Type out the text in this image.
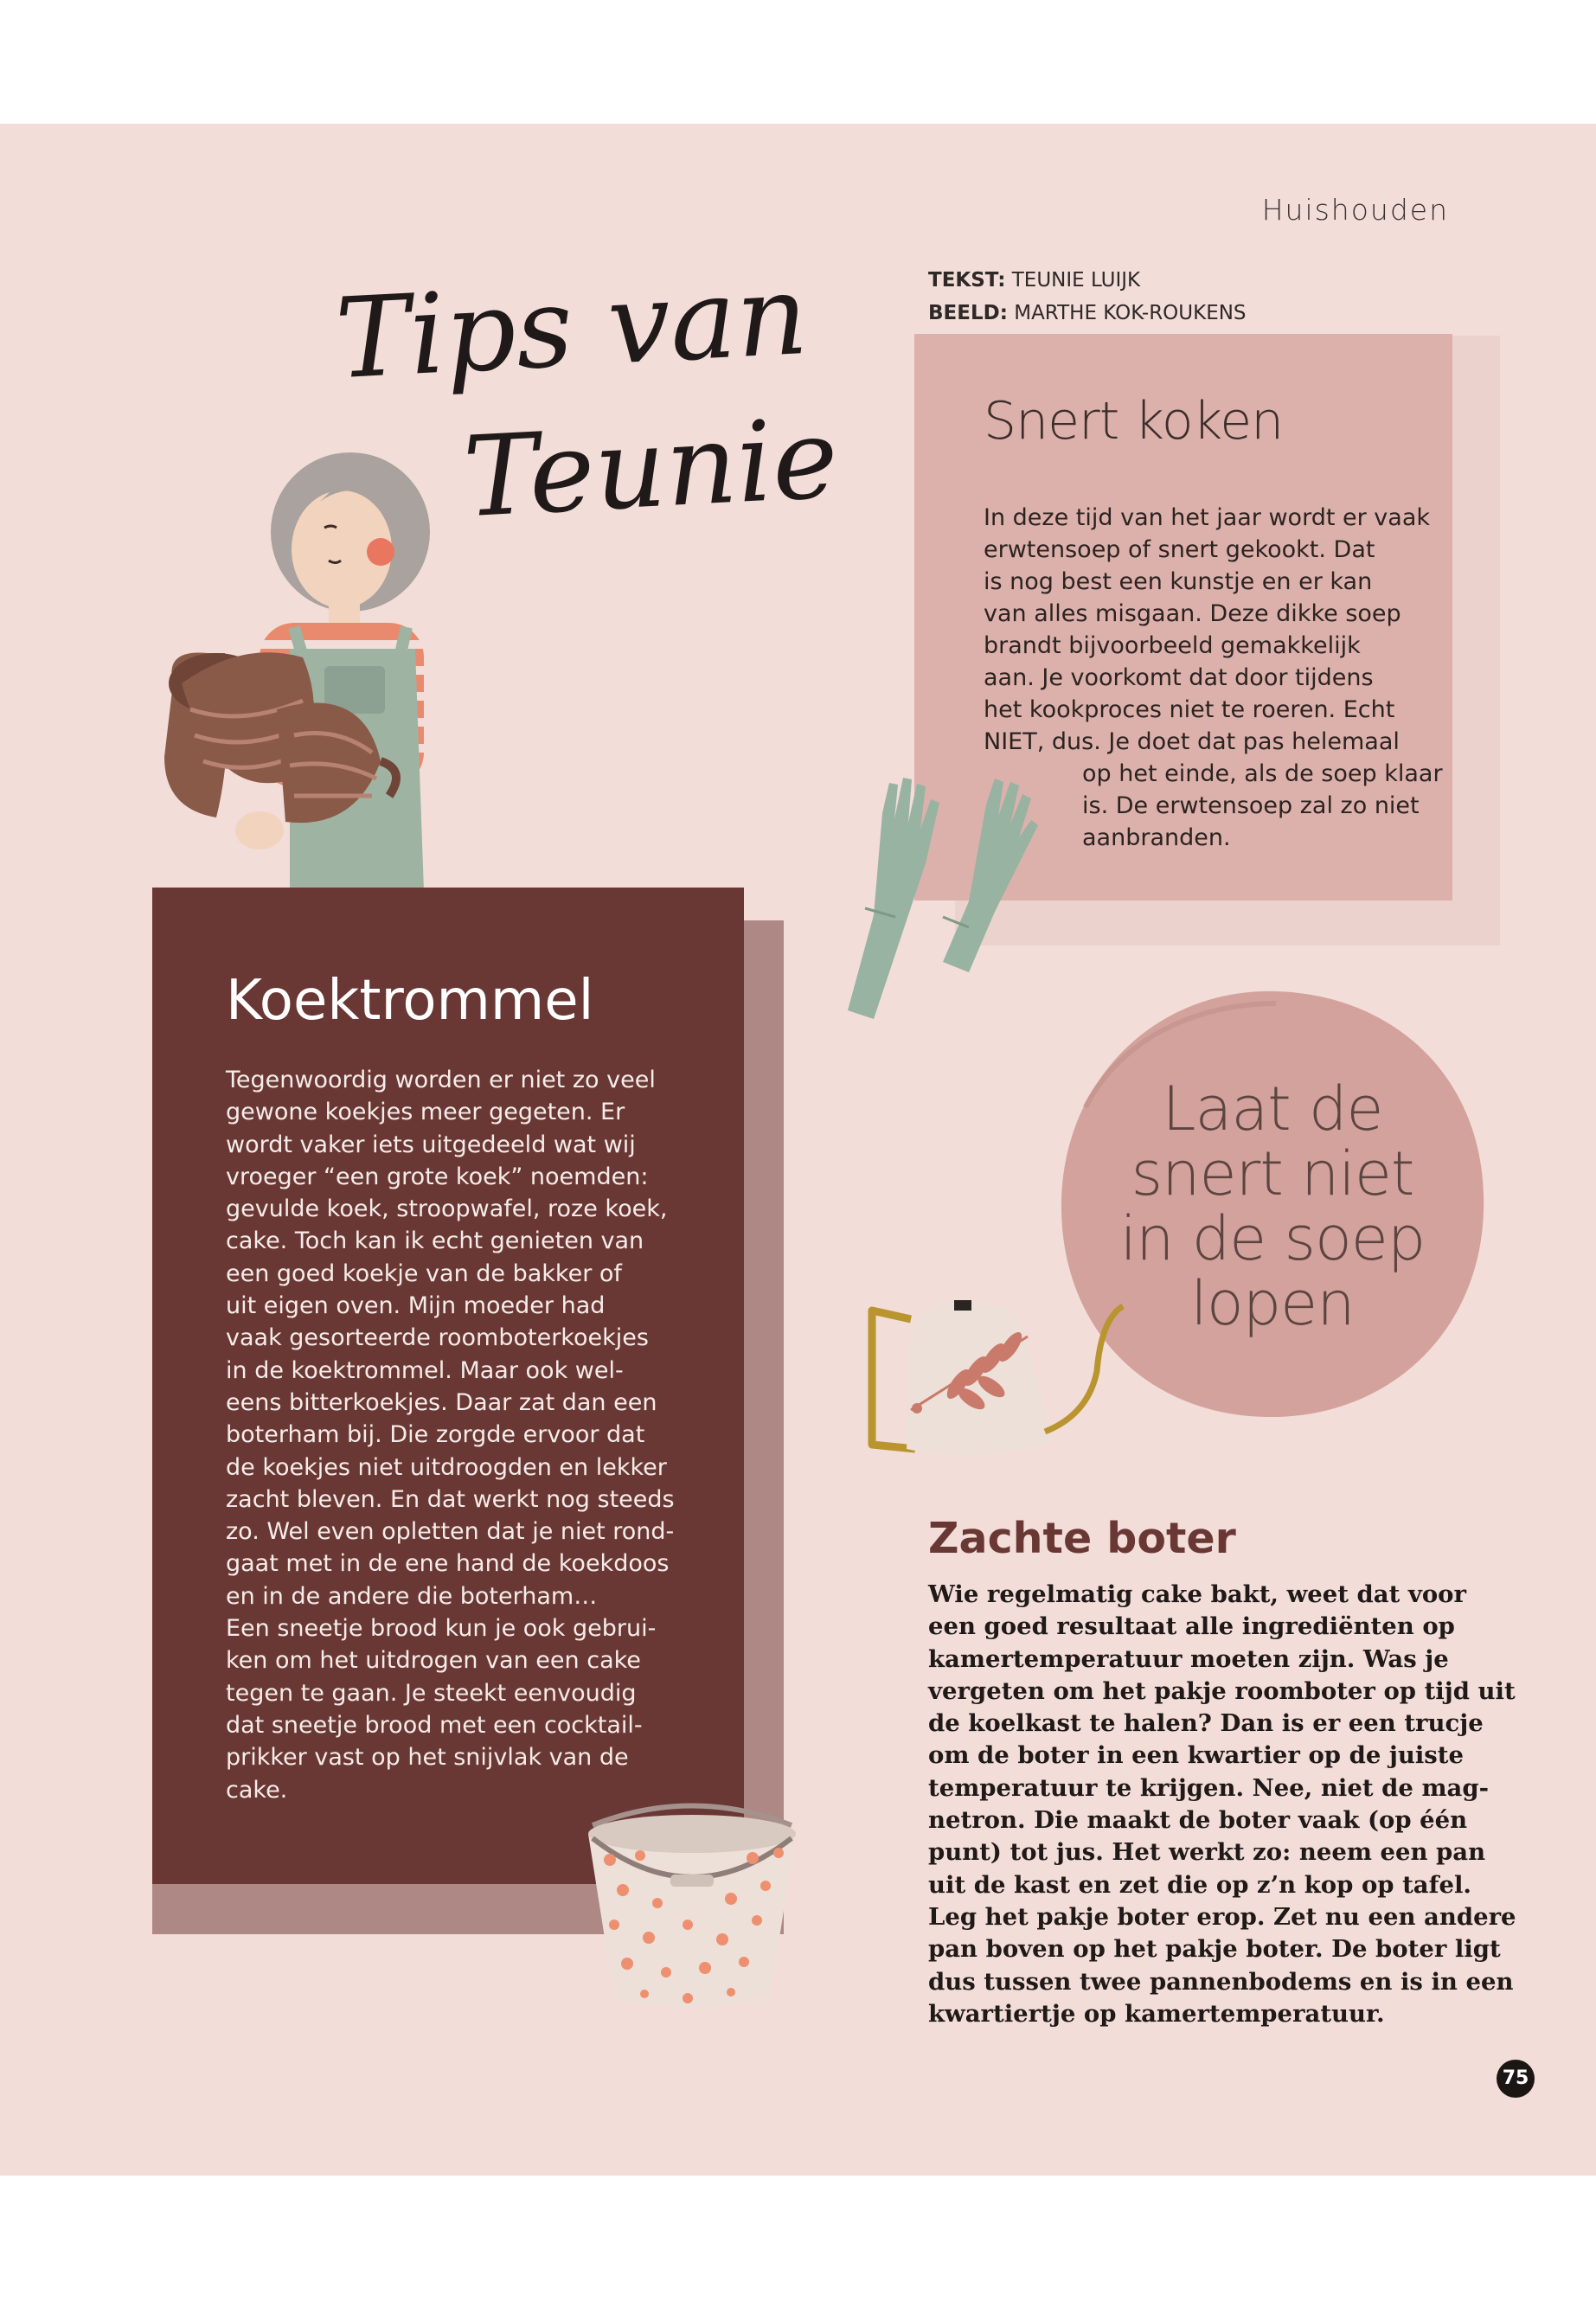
Huishouden
TEKST: TEUNIE LUIJK
BEELD: MARTHE KOK-ROUKENS
Tips van
Teunie	Snert koken
In deze tijd van het jaar wordt er vaak
erwtensoep of snert gekookt. Dat
is nog best een kunstje en er kan
van alles misgaan. Deze dikke soep
brandt bijvoorbeeld gemakkelijk
aan. Je voorkomt dat door tijdens
het kookproces niet te roeren. Echt
NIET, dus. Je doet dat pas helemaal
op het einde, als de soep klaar
is. De erwtensoep zal zo niet
aanbranden.
Koektrommel
Tegenwoordig worden er niet zo veel
gewone koekjes meer gegeten. Er
wordt vaker iets uitgedeeld wat wij
vroeger “een grote koek” noemden:
gevulde koek, stroopwafel, roze koek,
cake. Toch kan ik echt genieten van
een goed koekje van de bakker of
uit eigen oven. Mijn moeder had
vaak gesorteerde roomboterkoekjes
in de koektrommel. Maar ook wel-
eens bitterkoekjes. Daar zat dan een
boterham bij. Die zorgde ervoor dat
de koekjes niet uitdroogden en lekker
zacht bleven. En dat werkt nog steeds
zo. Wel even opletten dat je niet rond-
gaat met in de ene hand de koekdoos
en in de andere die boterham…
Een sneetje brood kun je ook gebrui-
ken om het uitdrogen van een cake
tegen te gaan. Je steekt eenvoudig
dat sneetje brood met een cocktail-
prikker vast op het snijvlak van de
cake.
Laat de
snert niet
in de soep
lopen
Zachte boter
Wie regelmatig cake bakt, weet dat voor
een goed resultaat alle ingrediënten op
kamertemperatuur moeten zijn. Was je
vergeten om het pakje roomboter op tijd uit
de koelkast te halen? Dan is er een trucje
om de boter in een kwartier op de juiste
temperatuur te krijgen. Nee, niet de mag-
netron. Die maakt de boter vaak (op één
punt) tot jus. Het werkt zo: neem een pan
uit de kast en zet die op z’n kop op tafel.
Leg het pakje boter erop. Zet nu een andere
pan boven op het pakje boter. De boter ligt
dus tussen twee pannenbodems en is in een
kwartiertje op kamertemperatuur.
75
